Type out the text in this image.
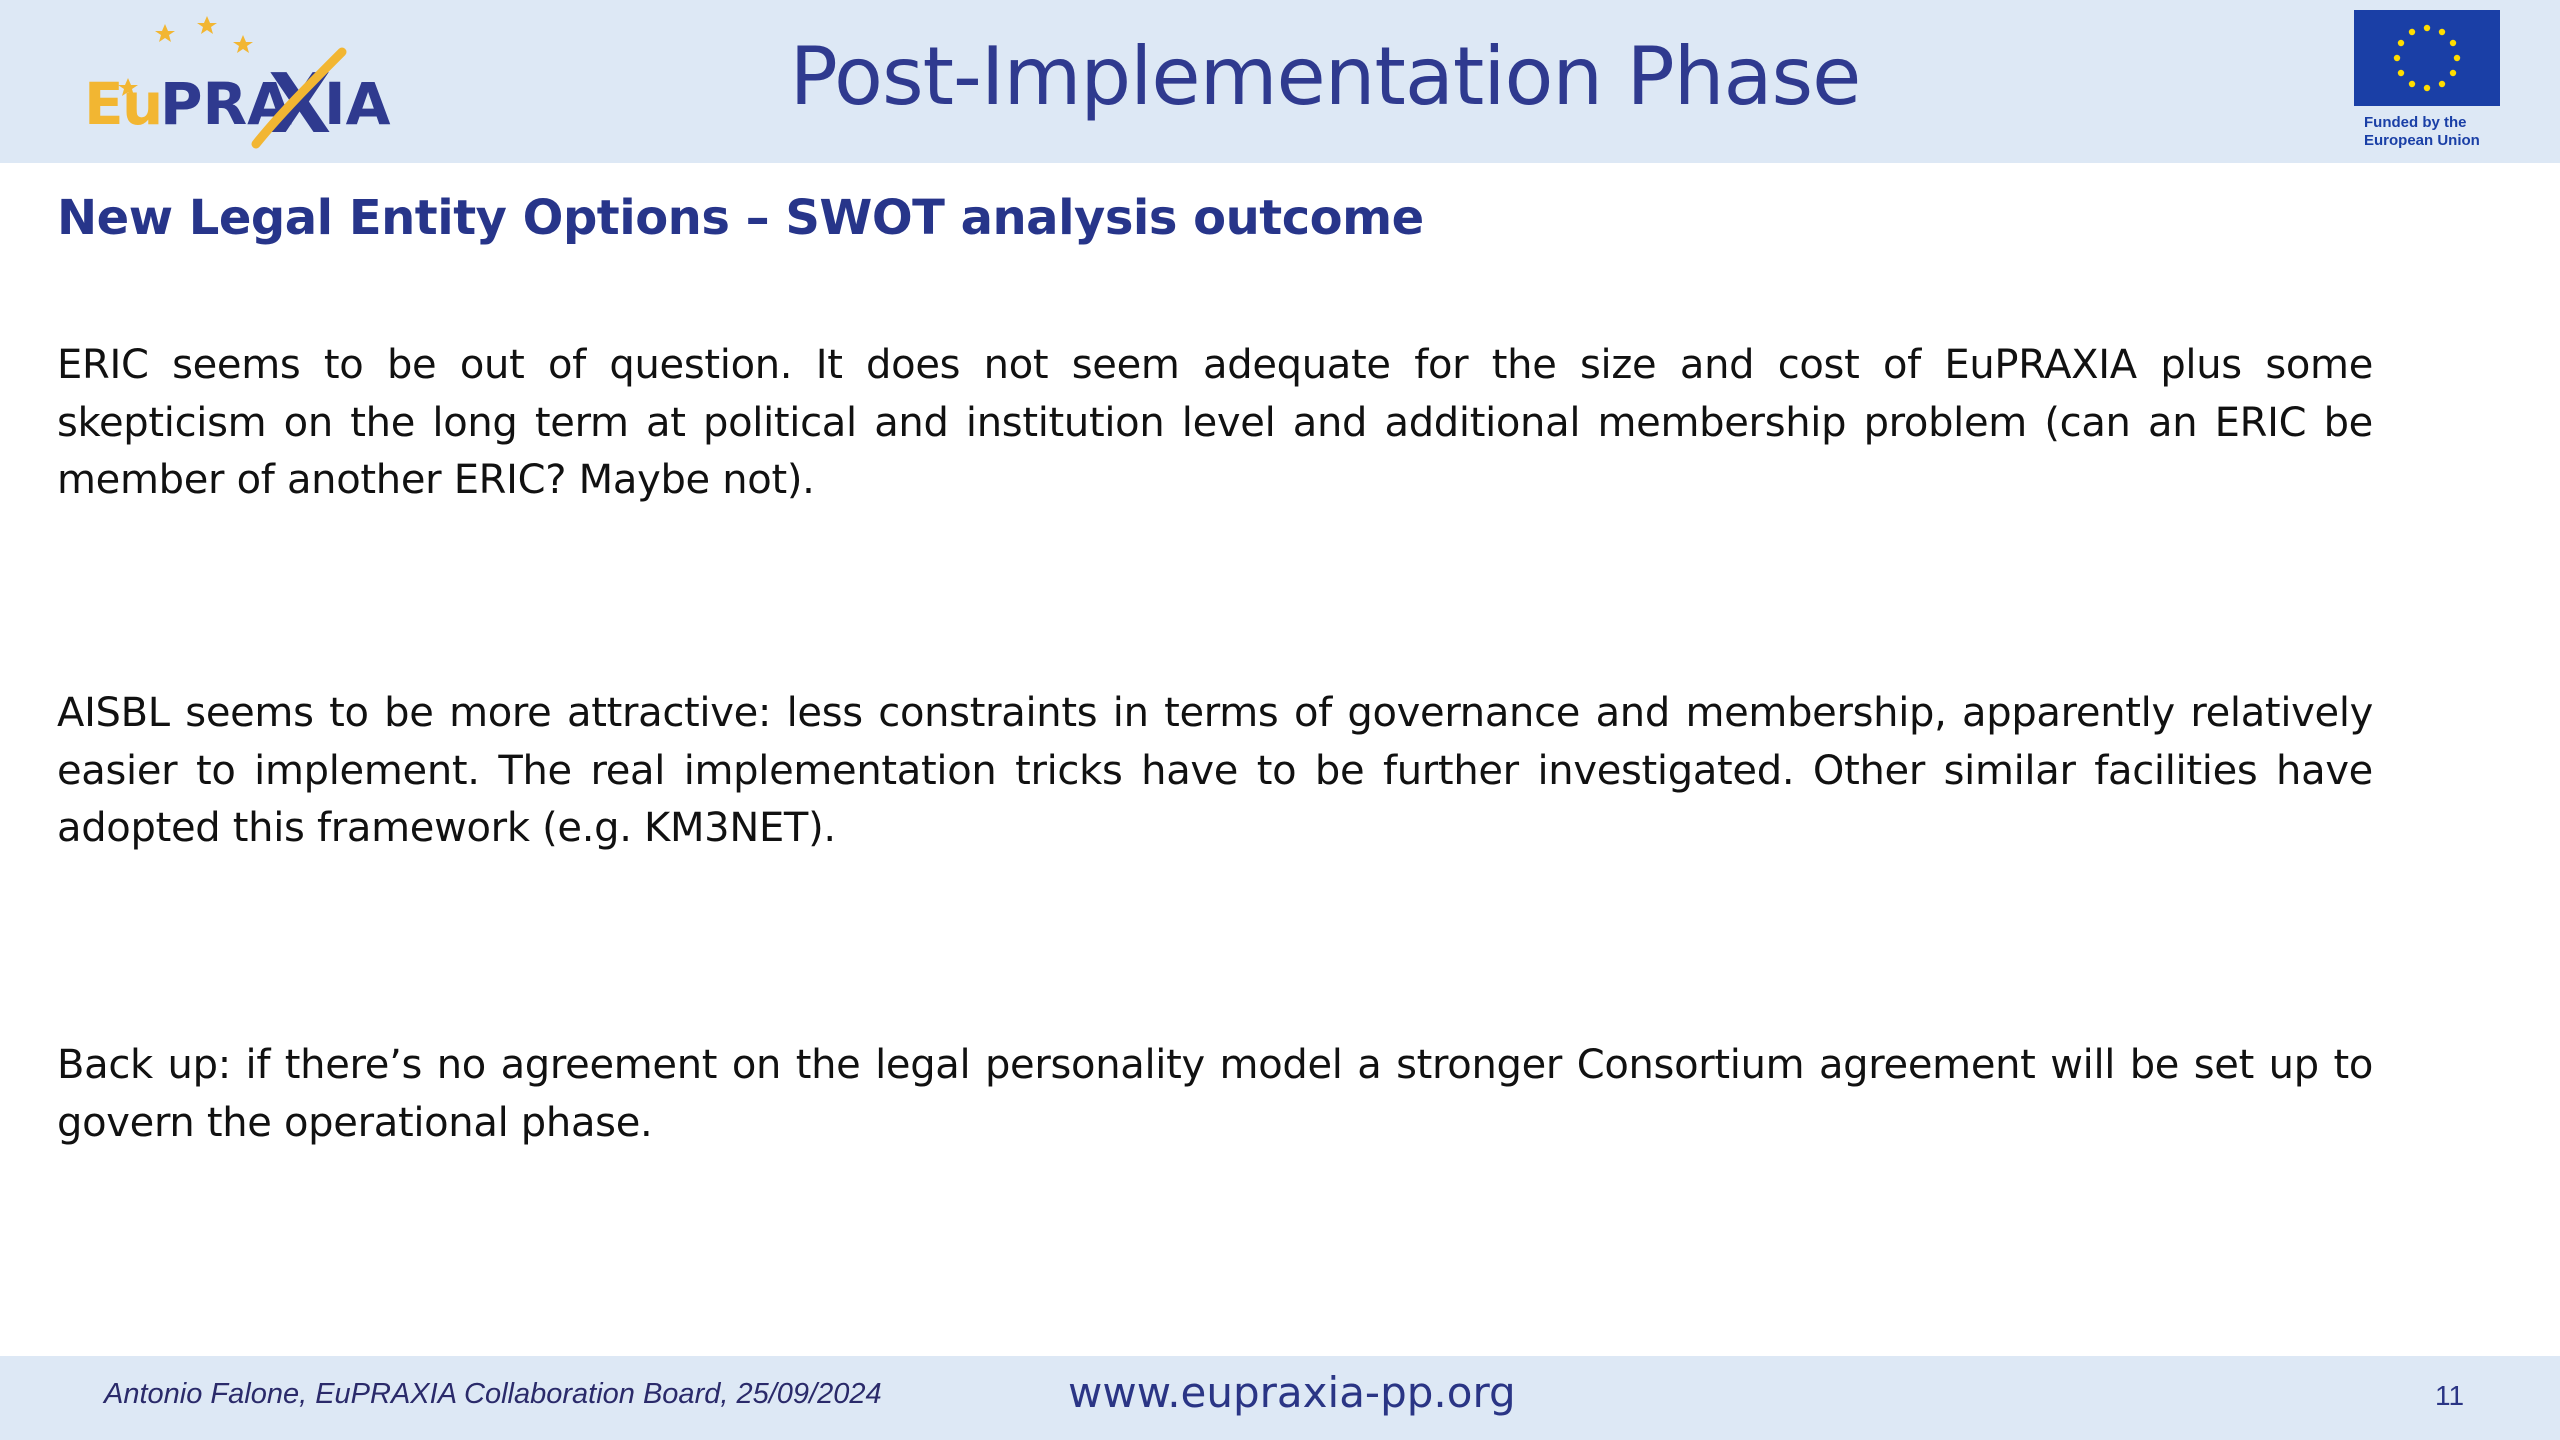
E
u
PRA
X
IA	Post-Implementation Phase	Funded by the
European Union
New Legal Entity Options – SWOT analysis outcome

ERIC seems to be out of question. It does not seem adequate for the size and cost of EuPRAXIA plus some skepticism on the long term at political and institution level and additional membership problem (can an ERIC be member of another ERIC? Maybe not).

AISBL seems to be more attractive: less constraints in terms of governance and membership, apparently relatively easier to implement. The real implementation tricks have to be further investigated. Other similar facilities have adopted this framework (e.g. KM3NET).

Back up: if there’s no agreement on the legal personality model a stronger Consortium agreement will be set up to govern the operational phase.

Antonio Falone, EuPRAXIA Collaboration Board, 25/09/2024	www.eupraxia-pp.org	11
